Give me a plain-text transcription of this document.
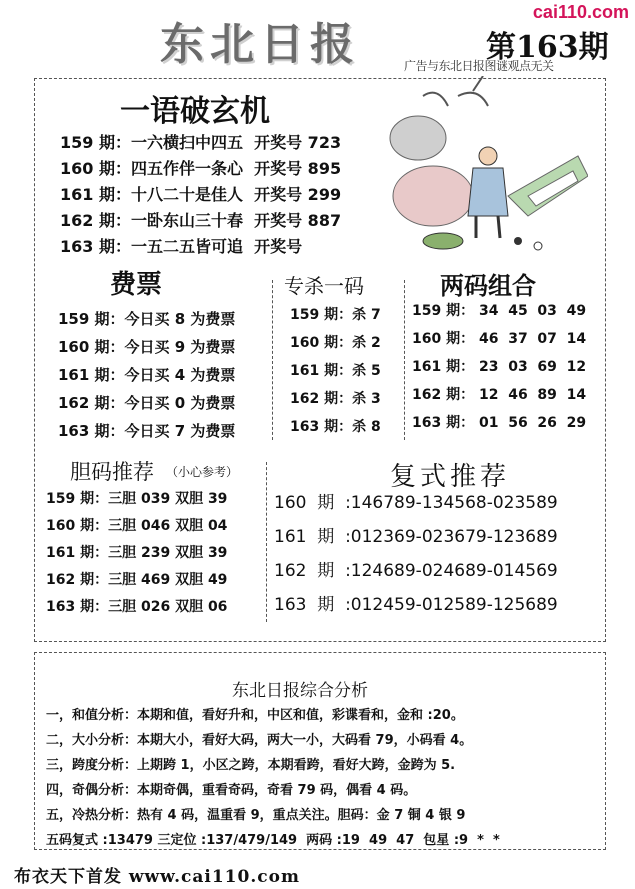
东北日报
cai110.com
第163期
广告与东北日报图谜观点无关
一语破玄机
159 期：一六横扫中四五  开奖号 723
160 期：四五作伴一条心  开奖号 895
161 期：十八二十是佳人  开奖号 299
162 期：一卧东山三十春  开奖号 887
163 期：一五二五皆可追  开奖号
费票
159 期：今日买 8 为费票
160 期：今日买 9 为费票
161 期：今日买 4 为费票
162 期：今日买 0 为费票
163 期：今日买 7 为费票
专杀一码
159 期：杀 7
160 期：杀 2
161 期：杀 5
162 期：杀 3
163 期：杀 8
两码组合
159 期： 34  45  03  49
160 期： 46  37  07  14
161 期： 23  03  69  12
162 期： 12  46  89  14
163 期： 01  56  26  29
胆码推荐 （小心参考）
159 期：三胆 039 双胆 39
160 期：三胆 046 双胆 04
161 期：三胆 239 双胆 39
162 期：三胆 469 双胆 49
163 期：三胆 026 双胆 06
复式推荐
160  期  :146789-134568-023589
161  期  :012369-023679-123689
162  期  :124689-024689-014569
163  期  :012459-012589-125689
东北日报综合分析
一，和值分析：本期和值，看好升和，中区和值，彩谍看和，金和 :20。
二，大小分析：本期大小，看好大码，两大一小，大码看 79，小码看 4。
三，跨度分析：上期跨 1，小区之跨，本期看跨，看好大跨，金跨为 5.
四，奇偶分析：本期奇偶，重看奇码，奇看 79 码，偶看 4 码。
五，冷热分析：热有 4 码，温重看 9，重点关注。胆码：金 7 铜 4 银 9
五码复式 :13479 三定位 :137/479/149  两码 :19  49  47  包星 :9  *  *
布衣天下首发 www.cai110.com
